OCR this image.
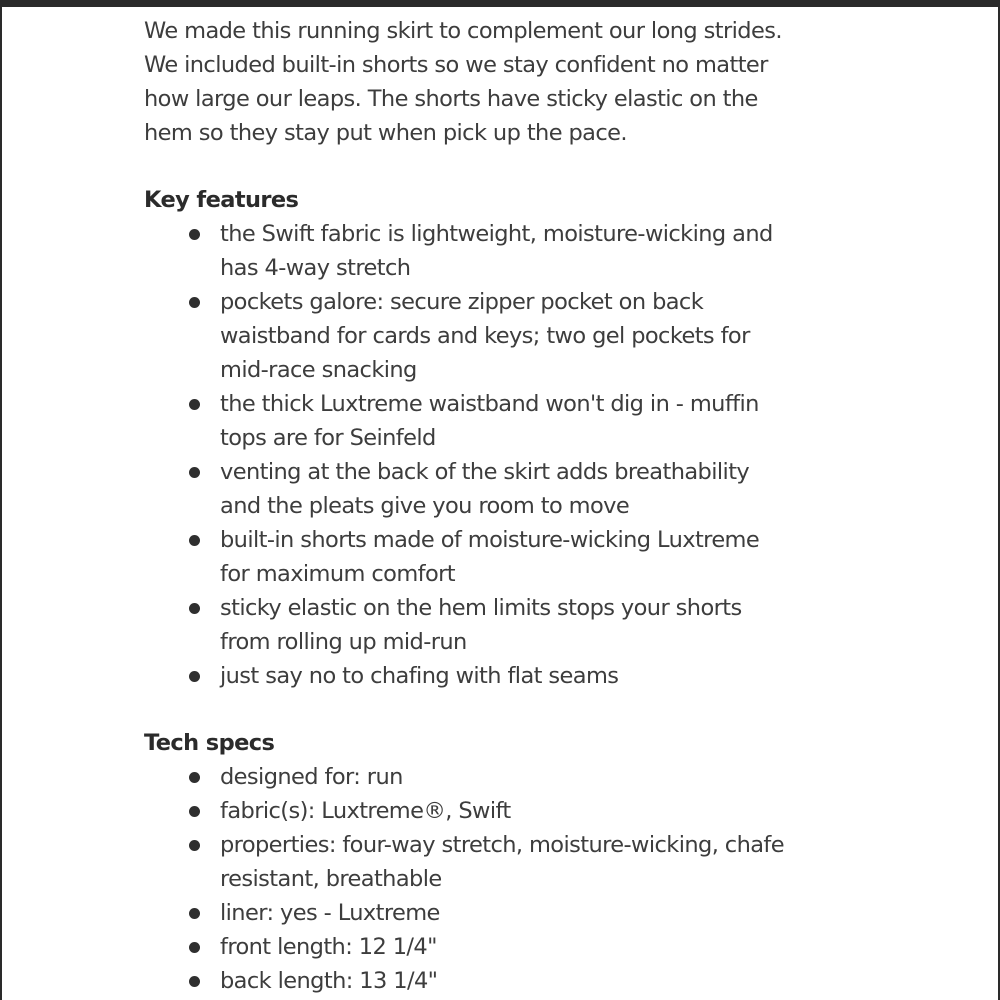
We made this running skirt to complement our long strides.
We included built-in shorts so we stay confident no matter
how large our leaps. The shorts have sticky elastic on the
hem so they stay put when pick up the pace.
Key features
the Swift fabric is lightweight, moisture-wicking and
has 4-way stretch
pockets galore: secure zipper pocket on back
waistband for cards and keys; two gel pockets for
mid-race snacking
the thick Luxtreme waistband won't dig in - muffin
tops are for Seinfeld
venting at the back of the skirt adds breathability
and the pleats give you room to move
built-in shorts made of moisture-wicking Luxtreme
for maximum comfort
sticky elastic on the hem limits stops your shorts
from rolling up mid-run
just say no to chafing with flat seams
Tech specs
designed for: run
fabric(s): Luxtreme®, Swift
properties: four-way stretch, moisture-wicking, chafe
resistant, breathable
liner: yes - Luxtreme
front length: 12 1/4"
back length: 13 1/4"
